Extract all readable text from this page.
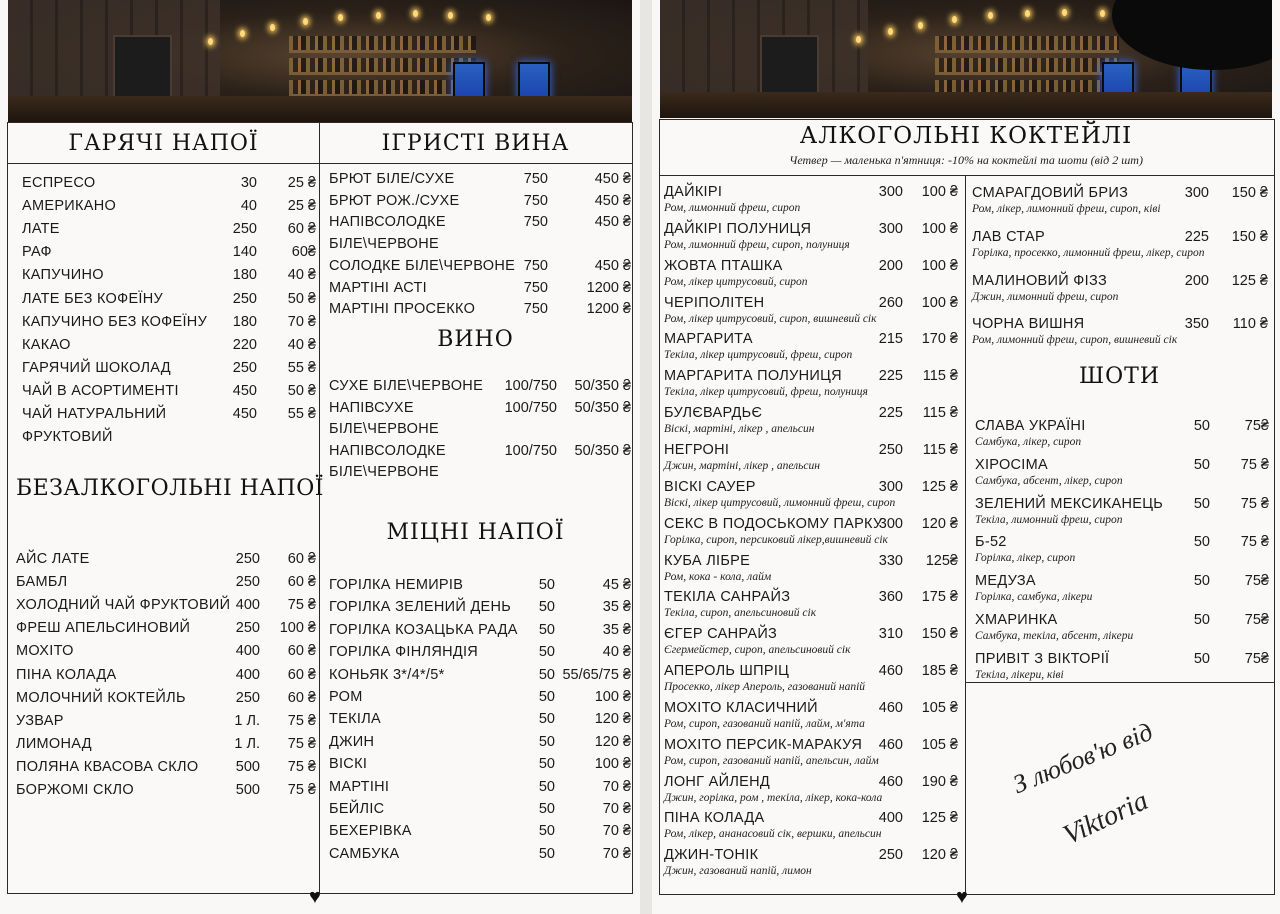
ГАРЯЧІ НАПОЇ	ІГРИСТІ ВИНА
ВИНО
МІЦНІ НАПОЇ
БЕЗАЛКОГОЛЬНІ НАПОЇ
ФРУКТОВИЙ
ЕСПРЕСО	30	25 ₴
АМЕРИКАНО	40	25 ₴
ЛАТЕ	250	60 ₴
РАФ	140	60₴
КАПУЧИНО	180	40 ₴
ЛАТЕ БЕЗ КОФЕЇНУ	250	50 ₴
КАПУЧИНО БЕЗ КОФЕЇНУ	180	70 ₴
КАКАО	220	40 ₴
ГАРЯЧИЙ ШОКОЛАД	250	55 ₴
ЧАЙ В АСОРТИМЕНТІ	450	50 ₴
ЧАЙ НАТУРАЛЬНИЙ	450	55 ₴
АЙС ЛАТЕ	250	60 ₴
БАМБЛ	250	60 ₴
ХОЛОДНИЙ ЧАЙ ФРУКТОВИЙ 400	75 ₴
ФРЕШ АПЕЛЬСИНОВИЙ	250	100 ₴
МОХІТО	400	60 ₴
ПІНА КОЛАДА	400	60 ₴
МОЛОЧНИЙ КОКТЕЙЛЬ	250	60 ₴
УЗВАР	1 Л.	75 ₴
ЛИМОНАД	1 Л.	75 ₴
ПОЛЯНА КВАСОВА СКЛО	500	75 ₴
БОРЖОМІ СКЛО	500	75 ₴
БРЮТ БІЛЕ/СУХЕ	750	450 ₴
БРЮТ РОЖ./СУХЕ	750	450 ₴
НАПІВСОЛОДКЕ	750	450 ₴
БІЛЕ\ЧЕРВОНЕ
СОЛОДКЕ БІЛЕ\ЧЕРВОНЕ 750	450 ₴
МАРТІНІ АСТІ	750	1200 ₴
МАРТІНІ ПРОСЕККО	750	1200 ₴
СУХЕ БІЛЕ\ЧЕРВОНЕ	100/750	50/350 ₴
НАПІВСУХЕ	100/750	50/350 ₴
БІЛЕ\ЧЕРВОНЕ
НАПІВСОЛОДКЕ	100/750	50/350 ₴
БІЛЕ\ЧЕРВОНЕ
ГОРІЛКА НЕМИРІВ	50	45 ₴
ГОРІЛКА ЗЕЛЕНИЙ ДЕНЬ	50	35 ₴
ГОРІЛКА КОЗАЦЬКА РАДА	50	35 ₴
ГОРІЛКА ФІНЛЯНДІЯ	50	40 ₴
КОНЬЯК 3*/4*/5*	50 55/65/75 ₴
РОМ	50	100 ₴
ТЕКІЛА	50	120 ₴
ДЖИН	50	120 ₴
ВІСКІ	50	100 ₴
МАРТІНІ	50	70 ₴
БЕЙЛІС	50	70 ₴
БЕХЕРІВКА	50	70 ₴
САМБУКА	50	70 ₴
♥
АЛКОГОЛЬНІ КОКТЕЙЛІ
Четвер — маленька п'ятниця: -10% на коктейлі та шоти (від 2 шт)
ШОТИ
ДАЙКІРІ	300	100 ₴
Ром, лимонний фреш, сироп
ДАЙКІРІ ПОЛУНИЦЯ	300	100 ₴
Ром, лимонний фреш, сироп, полуниця
ЖОВТА ПТАШКА	200	100 ₴
Ром, лікер цитрусовий, сироп
ЧЕРІПОЛІТЕН	260	100 ₴
Ром, лікер цитрусовий, сироп, вишневий сік
МАРГАРИТА	215	170 ₴
Текіла, лікер цитрусовий, фреш, сироп
МАРГАРИТА ПОЛУНИЦЯ	225	115 ₴
Текіла, лікер цитрусовий, фреш, полуниця
БУЛЄВАРДЬЄ	225	115 ₴
Віскі, мартіні, лікер , апельсин
НЕГРОНІ	250	115 ₴
Джин, мартіні, лікер , апельсин
ВІСКІ САУЕР	300	125 ₴
Віскі, лікер цитрусовий, лимонний фреш, сироп
СЕКС В ПОДОСЬКОМУ ПАРКУ
300	120 ₴
Горілка, сироп, персиковий лікер,вишневий сік
КУБА ЛІБРЕ	330	125₴
Ром, кока - кола, лайм
ТЕКІЛА САНРАЙЗ	360	175 ₴
Текіла, сироп, апельсиновий сік
ЄГЕР САНРАЙЗ	310	150 ₴
Єгермейстер, сироп, апельсиновий сік
АПЕРОЛЬ ШПРІЦ	460	185 ₴
Просекко, лікер Апероль, газований напій
МОХІТО КЛАСИЧНИЙ	460	105 ₴
Ром, сироп, газований напій, лайм, м'ята
МОХІТО ПЕРСИК-МАРАКУЯ	460	105 ₴
Ром, сироп, газований напій, апельсин, лайм
ЛОНГ АЙЛЕНД	460	190 ₴
Джин, горілка, ром , текіла, лікер, кока-кола
ПІНА КОЛАДА	400	125 ₴
Ром, лікер, ананасовий сік, вершки, апельсин
ДЖИН-ТОНІК	250	120 ₴
Джин, газований напій, лимон
СМАРАГДОВИЙ БРИЗ	300	150 ₴
Ром, лікер, лимонний фреш, сироп, ківі
ЛАВ СТАР	225	150 ₴
Горілка, просекко, лимонний фреш, лікер, сироп
МАЛИНОВИЙ ФІЗЗ	200	125 ₴
Джин, лимонний фреш, сироп
ЧОРНА ВИШНЯ	350	110 ₴
Ром, лимонний фреш, сироп, вишневий сік
СЛАВА УКРАЇНІ	50	75₴
Самбука, лікер, сироп
ХІРОСІМА	50	75 ₴
Самбука, абсент, лікер, сироп
ЗЕЛЕНИЙ МЕКСИКАНЕЦЬ	50	75 ₴
Текіла, лимонний фреш, сироп
Б-52	50	75 ₴
Горілка, лікер, сироп
МЕДУЗА	50	75₴
Горілка, самбука, лікери
ХМАРИНКА	50	75₴
Самбука, текіла, абсент, лікери
ПРИВІТ З ВІКТОРІЇ	50	75₴
Текіла, лікери, ківі
З любов'ю від
Viktoria
♥
